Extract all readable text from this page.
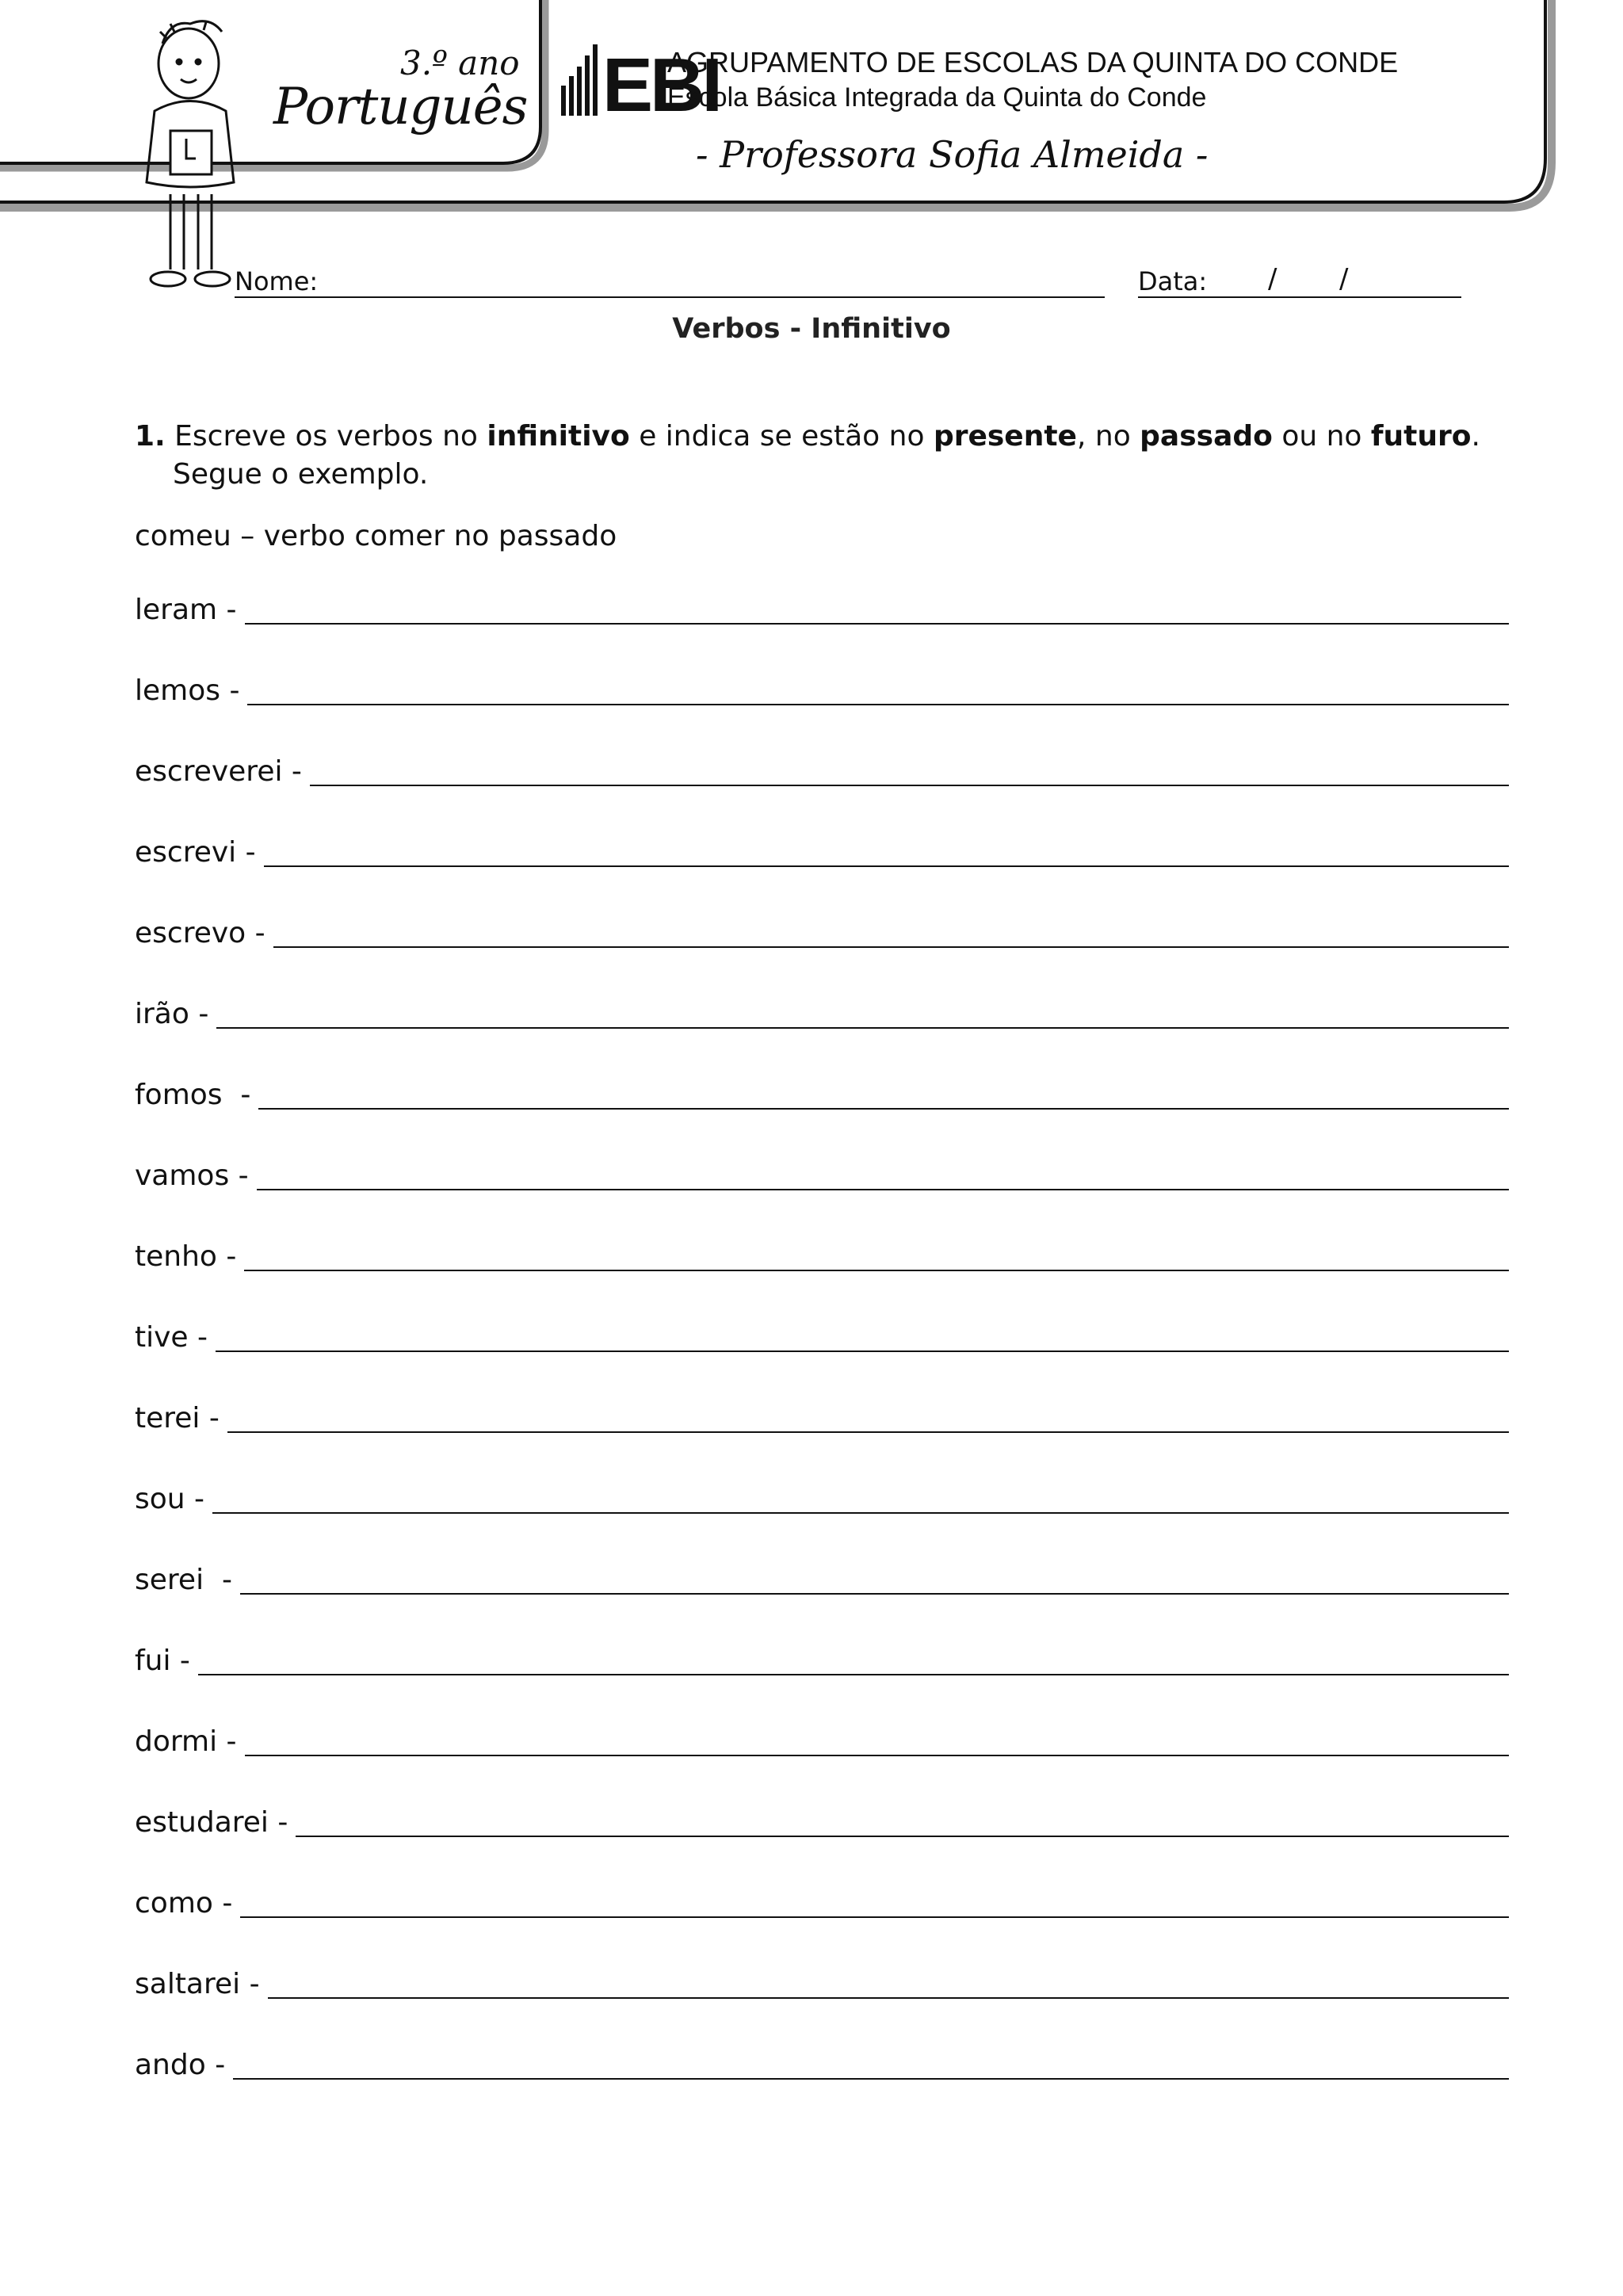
EBI
3.º ano
Português
AGRUPAMENTO DE ESCOLAS DA QUINTA DO CONDE
Escola Básica Integrada da Quinta do Conde
- Professora Sofia Almeida -
Nome:	Data: / /
Verbos - Infinitivo
1. Escreve os verbos no infinitivo e indica se estão no presente, no passado ou no futuro.
Segue o exemplo.
comeu – verbo comer no passado
leram -
lemos -
escreverei -
escrevi -
escrevo -
irão -
fomos  -
vamos -
tenho -
tive -
terei -
sou -
serei  -
fui -
dormi -
estudarei -
como -
saltarei -
ando -
